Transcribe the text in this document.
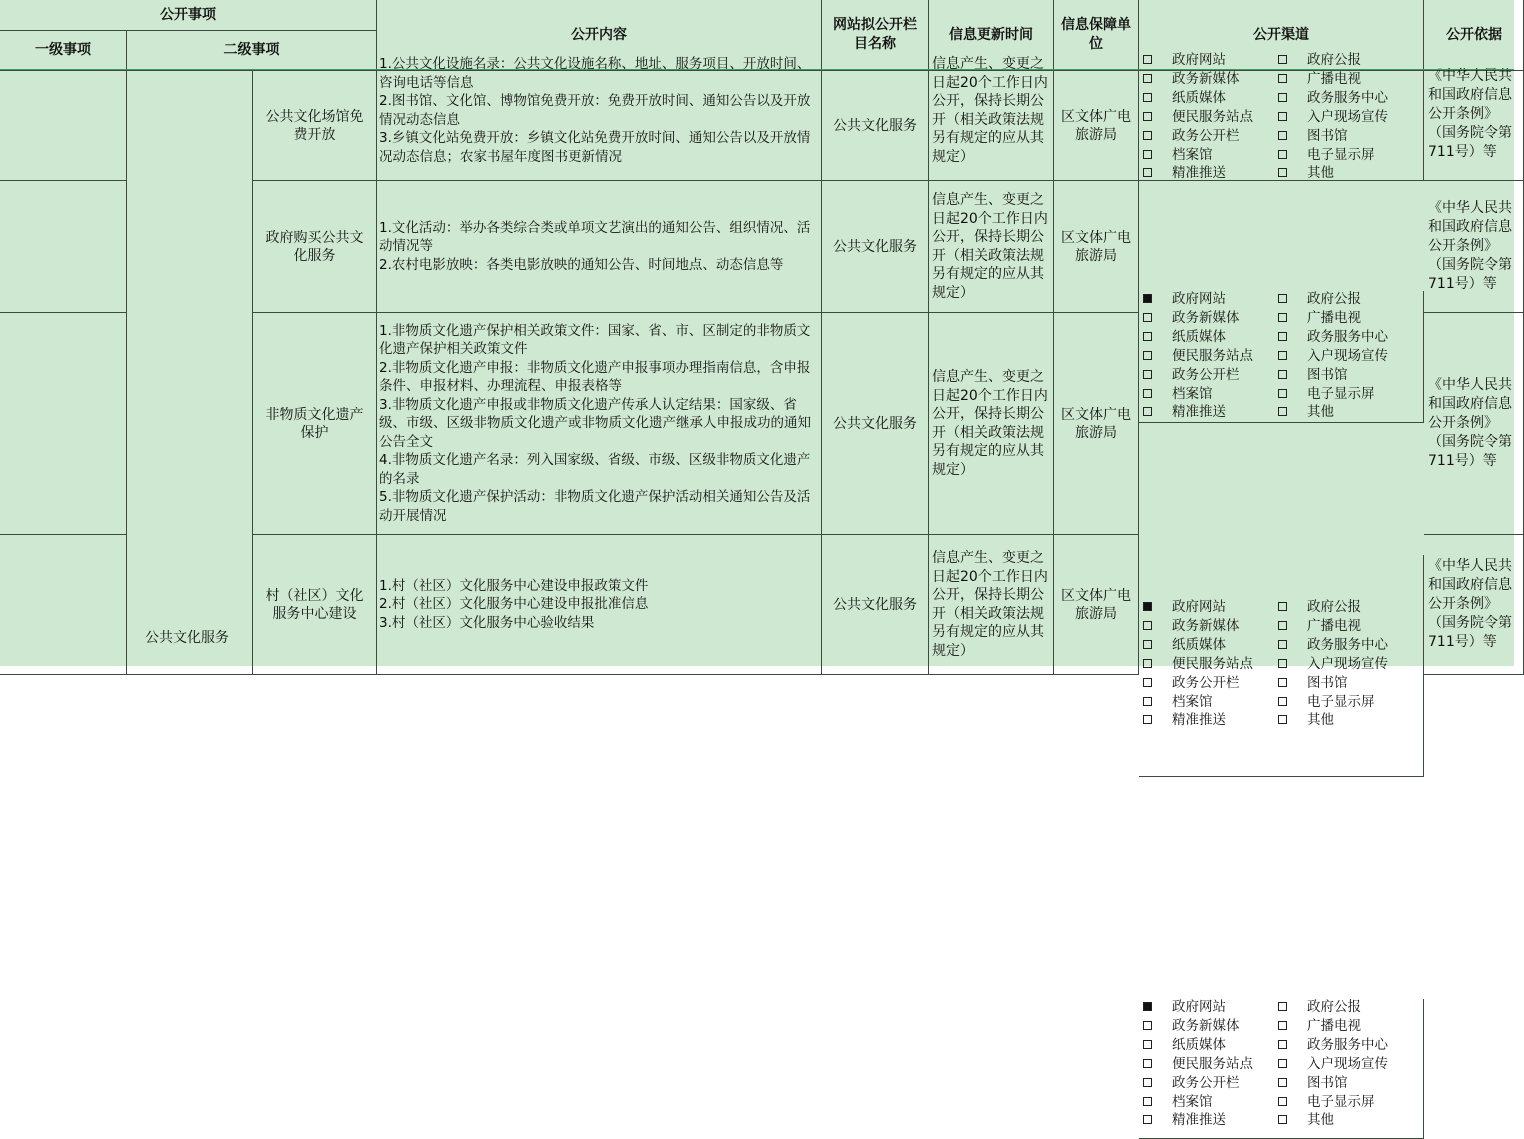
公开事项
一级事项	二级事项
公开内容
网站拟公开栏目名称
信息更新时间
信息保障单位
公开渠道	公开依据
公共文化服务
公共文化场馆免费开放
1.公共文化设施名录：公共文化设施名称、地址、服务项目、开放时间、咨询电话等信息
2.图书馆、文化馆、博物馆免费开放：免费开放时间、通知公告以及开放情况动态信息
3.乡镇文化站免费开放：乡镇文化站免费开放时间、通知公告以及开放情况动态信息；农家书屋年度图书更新情况
公共文化服务
信息产生、变更之日起20个工作日内公开，保持长期公开（相关政策法规另有规定的应从其规定）
区文体广电旅游局
政府网站
政务新媒体
纸质媒体
便民服务站点
政务公开栏
档案馆
精准推送
政府公报
广播电视
政务服务中心
入户现场宣传
图书馆
电子显示屏
其他
《中华人民共
和国政府信息
公开条例》
（国务院令第
711号）等
政府购买公共文化服务
1.文化活动：举办各类综合类或单项文艺演出的通知公告、组织情况、活动情况等
2.农村电影放映：各类电影放映的通知公告、时间地点、动态信息等
公共文化服务
信息产生、变更之日起20个工作日内公开，保持长期公开（相关政策法规另有规定的应从其规定）
区文体广电旅游局
政府网站
政务新媒体
纸质媒体
便民服务站点
政务公开栏
档案馆
精准推送
政府公报
广播电视
政务服务中心
入户现场宣传
图书馆
电子显示屏
其他
《中华人民共
和国政府信息
公开条例》
（国务院令第
711号）等
非物质文化遗产保护
1.非物质文化遗产保护相关政策文件：国家、省、市、区制定的非物质文化遗产保护相关政策文件
2.非物质文化遗产申报：非物质文化遗产申报事项办理指南信息，含申报条件、申报材料、办理流程、申报表格等
3.非物质文化遗产申报或非物质文化遗产传承人认定结果：国家级、省级、市级、区级非物质文化遗产或非物质文化遗产继承人申报成功的通知公告全文
4.非物质文化遗产名录：列入国家级、省级、市级、区级非物质文化遗产的名录
5.非物质文化遗产保护活动：非物质文化遗产保护活动相关通知公告及活动开展情况
公共文化服务
信息产生、变更之日起20个工作日内公开，保持长期公开（相关政策法规另有规定的应从其规定）
区文体广电旅游局
政府网站
政务新媒体
纸质媒体
便民服务站点
政务公开栏
档案馆
精准推送
政府公报
广播电视
政务服务中心
入户现场宣传
图书馆
电子显示屏
其他
《中华人民共
和国政府信息
公开条例》
（国务院令第
711号）等
村（社区）文化服务中心建设
1.村（社区）文化服务中心建设申报政策文件
2.村（社区）文化服务中心建设申报批准信息
3.村（社区）文化服务中心验收结果
公共文化服务
信息产生、变更之日起20个工作日内公开，保持长期公开（相关政策法规另有规定的应从其规定）
区文体广电旅游局
政府网站
政务新媒体
纸质媒体
便民服务站点
政务公开栏
档案馆
精准推送
政府公报
广播电视
政务服务中心
入户现场宣传
图书馆
电子显示屏
其他
《中华人民共
和国政府信息
公开条例》
（国务院令第
711号）等
